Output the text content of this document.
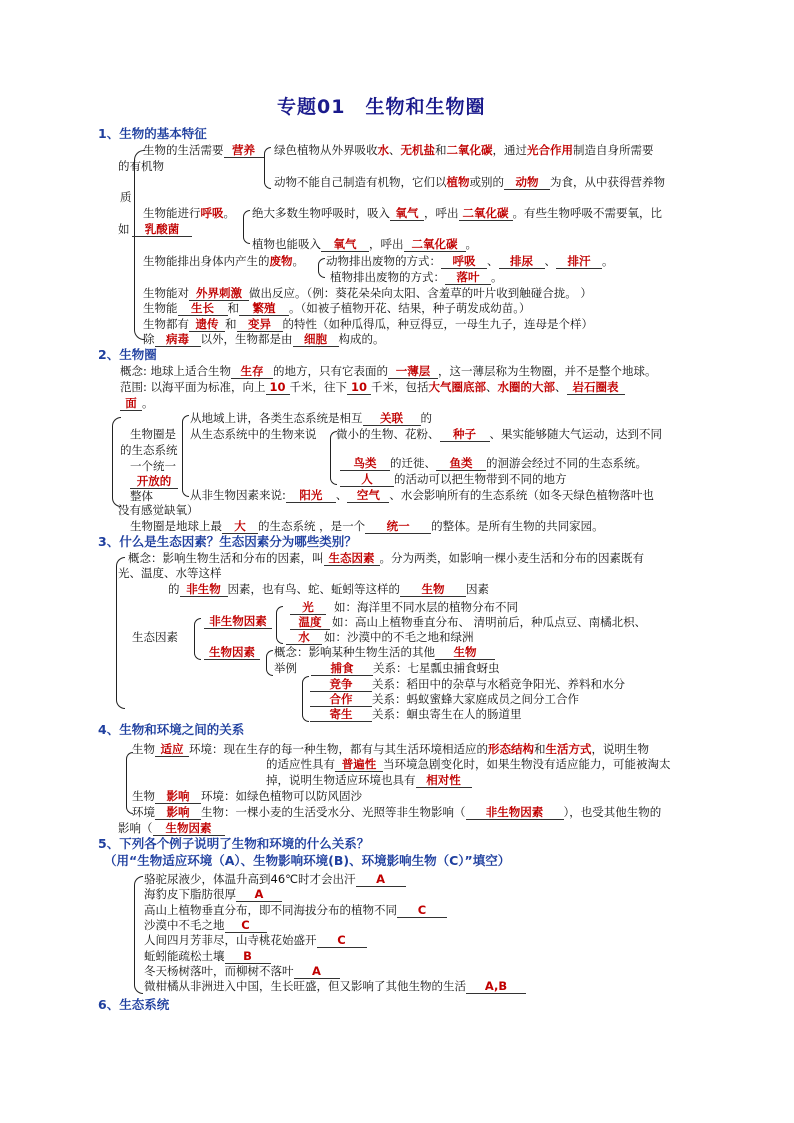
专题01　生物和生物圈
1、生物的基本特征
生物的生活需要 营养	绿色植物从外界吸收水、无机盐和二氧化碳，通过光合作用制造自身所需要
的有机物
动物不能自己制造有机物，它们以植物或别的 动物 为食，从中获得营养物
质
生物能进行呼吸。 绝大多数生物呼吸时，吸入 氧气 ，呼出 二氧化碳 。有些生物呼吸不需要氧，比
如	乳酸菌
植物也能吸入 氧气 ，呼出 二氧化碳 。
生物能排出身体内产生的废物。 动物排出废物的方式： 呼吸 、 排尿 、 排汗 。
植物排出废物的方式： 落叶 。
生物能对 外界刺激 做出反应。（例：葵花朵朵向太阳、含羞草的叶片收到触碰合拢。 ）
生物能 生长 和 繁殖 。（如被子植物开花、结果，种子萌发成幼苗。）
生物都有 遗传 和 变异 的特性（如种瓜得瓜，种豆得豆，一母生九子，连母是个样）
除 病毒 以外，生物都是由 细胞 构成的。
2、生物圈
概念: 地球上适合生物 生存 的地方，只有它表面的 一薄层 ，这一薄层称为生物圈，并不是整个地球。
范围: 以海平面为标准，向上 10 千米，往下 10 千米，包括大气圈底部、水圈的大部、 岩石圈表
面 。
生物圈是
的生态系统
一个统一
开放的
整体
从地域上讲，各类生态系统是相互 关联 的
从生态系统中的生物来说 微小的生物、花粉、 种子 、果实能够随大气运动，达到不同
鸟类 的迁徙、 鱼类 的洄游会经过不同的生态系统。
人 的活动可以把生物带到不同的地方
从非生物因素来说: 阳光 、 空气 、水会影响所有的生态系统（如冬天绿色植物落叶也
没有感觉缺氧）
生物圈是地球上最 大 的生态系统 ，是一个 统一 的整体。是所有生物的共同家园。
3、什么是生态因素？生态因素分为哪些类别？
概念：影响生物生活和分布的因素，叫 生态因素 。分为两类，如影响一棵小麦生活和分布的因素既有
光、温度、水等这样
的 非生物 因素，也有鸟、蛇、蚯蚓等这样的 生物 因素
生态因素
非生物因素
光 如：海洋里不同水层的植物分布不同
温度 如：高山上植物垂直分布、 清明前后，种瓜点豆、南橘北枳、
水 如：沙漠中的不毛之地和绿洲
生物因素	概念：影响某种生物生活的其他 生物
举例	捕食 关系：七星瓢虫捕食蚜虫
竞争 关系：稻田中的杂草与水稻竞争阳光、养料和水分
合作 关系：蚂蚁蜜蜂大家庭成员之间分工合作
寄生 关系：蛔虫寄生在人的肠道里
4、生物和环境之间的关系
生物 适应 环境：现在生存的每一种生物，都有与其生活环境相适应的形态结构和生活方式，说明生物
的适应性具有 普遍性 当环境急剧变化时，如果生物没有适应能力，可能被淘太
掉，说明生物适应环境也具有 相对性
生物 影响 环境：如绿色植物可以防风固沙
环境 影响 生物：一棵小麦的生活受水分、光照等非生物影响（ 非生物因素 ），也受其他生物的
影响（ 生物因素
5、下列各个例子说明了生物和环境的什么关系？
（用“生物适应环境（A）、生物影响环境(B)、环境影响生物（C）”填空）
骆驼尿液少，体温升高到46℃时才会出汗 A
海豹皮下脂肪很厚 A
高山上植物垂直分布，即不同海拔分布的植物不同 C
沙漠中不毛之地 C
人间四月芳菲尽，山寺桃花始盛开 C
蚯蚓能疏松土壤 B
冬天杨树落叶，而柳树不落叶 A
微柑橘从非洲进入中国，生长旺盛，但又影响了其他生物的生活 A,B
6、生态系统
